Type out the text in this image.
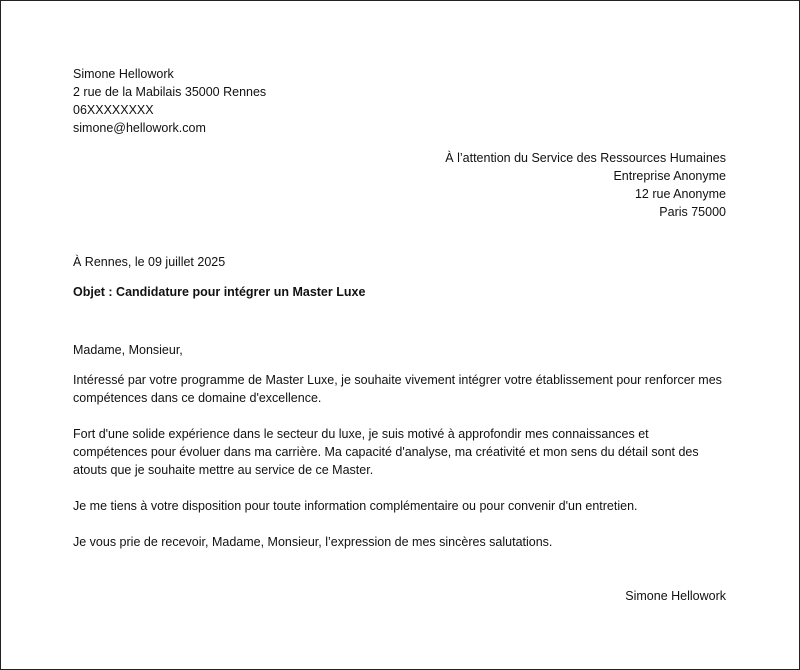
Simone Hellowork
2 rue de la Mabilais 35000 Rennes
06XXXXXXXX
simone@hellowork.com
À l’attention du Service des Ressources Humaines
Entreprise Anonyme
12 rue Anonyme
Paris 75000
À Rennes, le 09 juillet 2025
Objet : Candidature pour intégrer un Master Luxe
Madame, Monsieur,

Intéressé par votre programme de Master Luxe, je souhaite vivement intégrer votre établissement pour renforcer mes compétences dans ce domaine d'excellence.

Fort d'une solide expérience dans le secteur du luxe, je suis motivé à approfondir mes connaissances et compétences pour évoluer dans ma carrière. Ma capacité d'analyse, ma créativité et mon sens du détail sont des atouts que je souhaite mettre au service de ce Master.

Je me tiens à votre disposition pour toute information complémentaire ou pour convenir d'un entretien.

Je vous prie de recevoir, Madame, Monsieur, l’expression de mes sincères salutations.

Simone Hellowork
